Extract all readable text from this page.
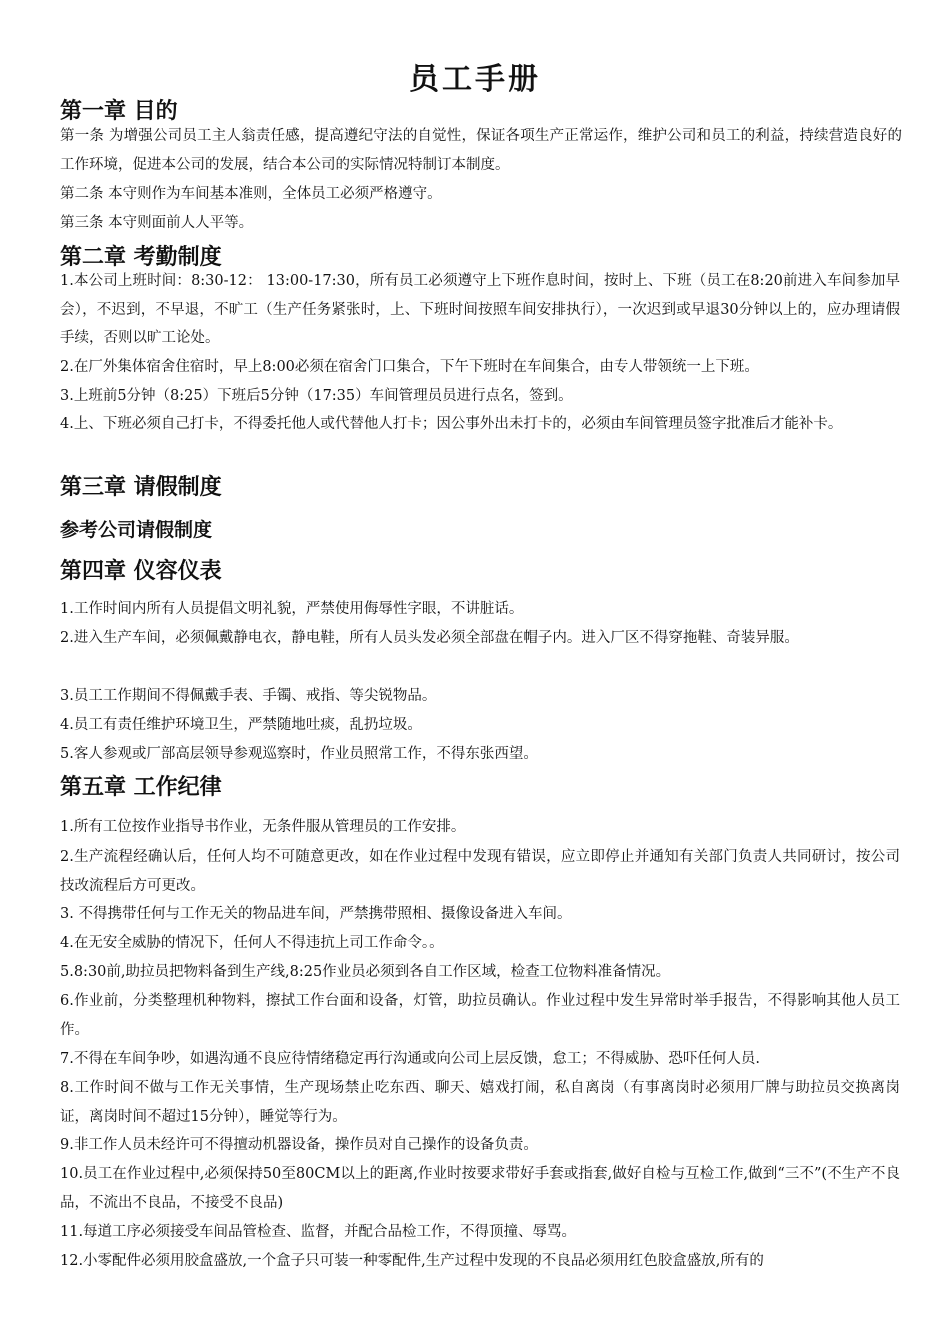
员工手册
第一章 目的

第一条 为增强公司员工主人翁责任感，提高遵纪守法的自觉性，保证各项生产正常运作，维护公司和员工的利益，持续营造良好的工作环境，促进本公司的发展，结合本公司的实际情况特制订本制度。

第二条 本守则作为车间基本准则，全体员工必须严格遵守。

第三条 本守则面前人人平等。

第二章 考勤制度

1.本公司上班时间：8:30-12： 13:00-17:30，所有员工必须遵守上下班作息时间，按时上、下班（员工在8:20前进入车间参加早会），不迟到，不早退，不旷工（生产任务紧张时，上、下班时间按照车间安排执行），一次迟到或早退30分钟以上的，应办理请假手续，否则以旷工论处。

2.在厂外集体宿舍住宿时，早上8:00必须在宿舍门口集合，下午下班时在车间集合，由专人带领统一上下班。

3.上班前5分钟（8:25）下班后5分钟（17:35）车间管理员员进行点名，签到。

4.上、下班必须自己打卡，不得委托他人或代替他人打卡；因公事外出未打卡的，必须由车间管理员签字批准后才能补卡。

第三章 请假制度

参考公司请假制度

第四章 仪容仪表

1.工作时间内所有人员提倡文明礼貌，严禁使用侮辱性字眼，不讲脏话。

2.进入生产车间，必须佩戴静电衣，静电鞋，所有人员头发必须全部盘在帽子内。进入厂区不得穿拖鞋、奇装异服。

3.员工工作期间不得佩戴手表、手镯、戒指、等尖锐物品。

4.员工有责任维护环境卫生，严禁随地吐痰，乱扔垃圾。

5.客人参观或厂部高层领导参观巡察时，作业员照常工作，不得东张西望。

第五章 工作纪律

1.所有工位按作业指导书作业，无条件服从管理员的工作安排。

2.生产流程经确认后，任何人均不可随意更改，如在作业过程中发现有错误，应立即停止并通知有关部门负责人共同研讨，按公司技改流程后方可更改。

3. 不得携带任何与工作无关的物品进车间，严禁携带照相、摄像设备进入车间。

4.在无安全威胁的情况下，任何人不得违抗上司工作命令。。

5.8:30前,助拉员把物料备到生产线,8:25作业员必须到各自工作区域，检查工位物料准备情况。

6.作业前，分类整理机种物料，擦拭工作台面和设备，灯管，助拉员确认。作业过程中发生异常时举手报告，不得影响其他人员工作。

7.不得在车间争吵，如遇沟通不良应待情绪稳定再行沟通或向公司上层反馈，怠工；不得威胁、恐吓任何人员.

8.工作时间不做与工作无关事情，生产现场禁止吃东西、聊天、嬉戏打闹，私自离岗（有事离岗时必须用厂牌与助拉员交换离岗证，离岗时间不超过15分钟），睡觉等行为。

9.非工作人员未经许可不得擅动机器设备，操作员对自己操作的设备负责。

10.员工在作业过程中,必须保持50至80CM以上的距离,作业时按要求带好手套或指套,做好自检与互检工作,做到“三不”(不生产不良品，不流出不良品，不接受不良品)

11.每道工序必须接受车间品管检查、监督，并配合品检工作，不得顶撞、辱骂。

12.小零配件必须用胶盒盛放,一个盒子只可装一种零配件,生产过程中发现的不良品必须用红色胶盒盛放,所有的
